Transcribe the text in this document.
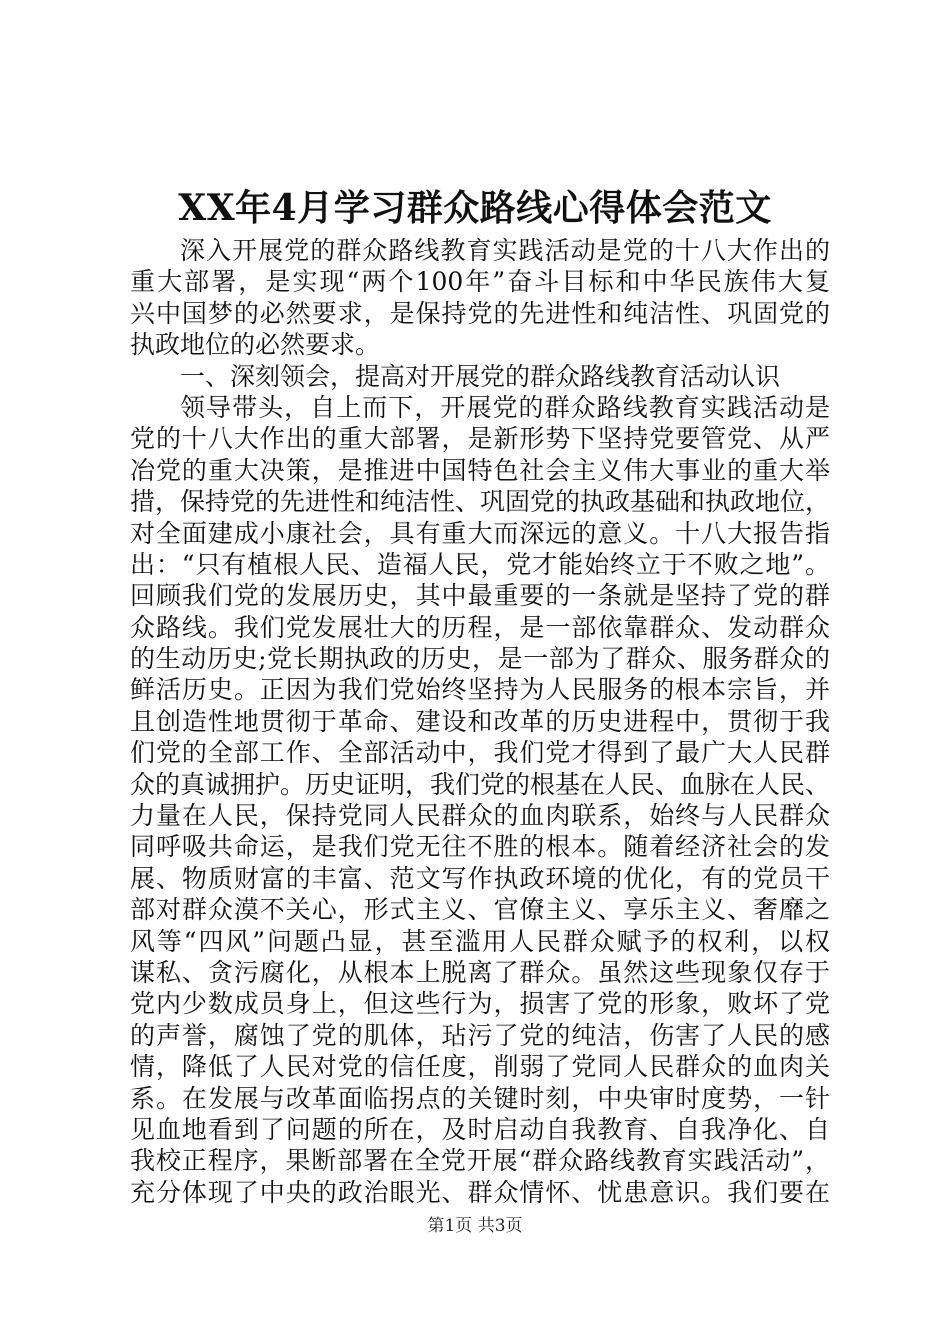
XX年4月学习群众路线心得体会范文
深入开展党的群众路线教育实践活动是党的十八大作出的
重大部署，是实现“两个100年”奋斗目标和中华民族伟大复
兴中国梦的必然要求，是保持党的先进性和纯洁性、巩固党的
执政地位的必然要求。
一、深刻领会，提高对开展党的群众路线教育活动认识
领导带头，自上而下，开展党的群众路线教育实践活动是
党的十八大作出的重大部署，是新形势下坚持党要管党、从严
冶党的重大决策，是推进中国特色社会主义伟大事业的重大举
措，保持党的先进性和纯洁性、巩固党的执政基础和执政地位，
对全面建成小康社会，具有重大而深远的意义。十八大报告指
出：“只有植根人民、造福人民，党才能始终立于不败之地”。
回顾我们党的发展历史，其中最重要的一条就是坚持了党的群
众路线。我们党发展壮大的历程，是一部依靠群众、发动群众
的生动历史;党长期执政的历史，是一部为了群众、服务群众的
鲜活历史。正因为我们党始终坚持为人民服务的根本宗旨，并
且创造性地贯彻于革命、建设和改革的历史进程中，贯彻于我
们党的全部工作、全部活动中，我们党才得到了最广大人民群
众的真诚拥护。历史证明，我们党的根基在人民、血脉在人民、
力量在人民，保持党同人民群众的血肉联系，始终与人民群众
同呼吸共命运，是我们党无往不胜的根本。随着经济社会的发
展、物质财富的丰富、范文写作执政环境的优化，有的党员干
部对群众漠不关心，形式主义、官僚主义、享乐主义、奢靡之
风等“四风”问题凸显，甚至滥用人民群众赋予的权利，以权
谋私、贪污腐化，从根本上脱离了群众。虽然这些现象仅存于
党内少数成员身上，但这些行为，损害了党的形象，败坏了党
的声誉，腐蚀了党的肌体，玷污了党的纯洁，伤害了人民的感
情，降低了人民对党的信任度，削弱了党同人民群众的血肉关
系。在发展与改革面临拐点的关键时刻，中央审时度势，一针
见血地看到了问题的所在，及时启动自我教育、自我净化、自
我校正程序，果断部署在全党开展“群众路线教育实践活动”，
充分体现了中央的政治眼光、群众情怀、忧患意识。我们要在
第1页 共3页
